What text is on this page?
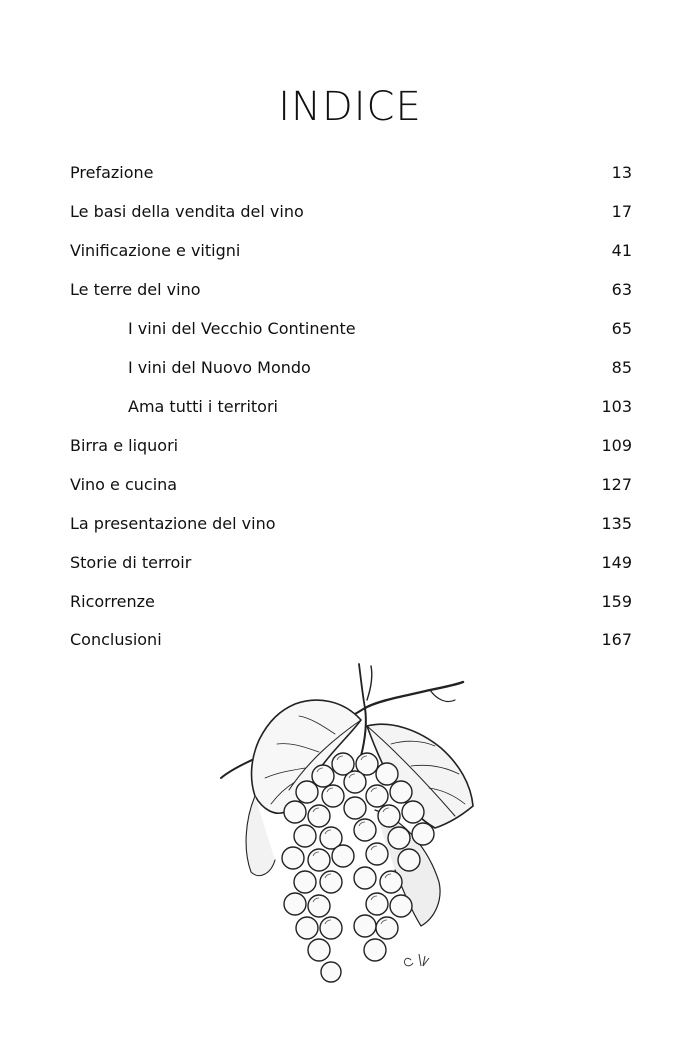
INDICE
Prefazione	13
Le basi della vendita del vino	17
Vinificazione e vitigni	41
Le terre del vino	63
I vini del Vecchio Continente	65
I vini del Nuovo Mondo	85
Ama tutti i territori	103
Birra e liquori	109
Vino e cucina	127
La presentazione del vino	135
Storie di terroir	149
Ricorrenze	159
Conclusioni	167
